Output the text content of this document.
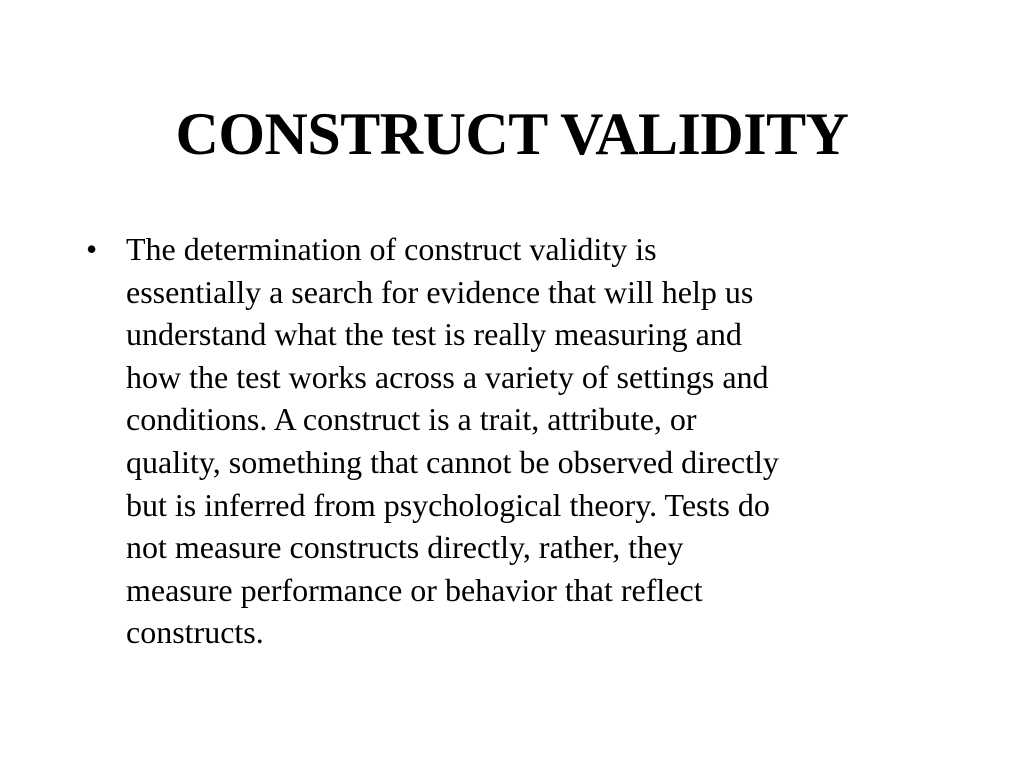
CONSTRUCT VALIDITY
• The determination of construct validity is
essentially a search for evidence that will help us
understand what the test is really measuring and
how the test works across a variety of settings and
conditions. A construct is a trait, attribute, or
quality, something that cannot be observed directly
but is inferred from psychological theory. Tests do
not measure constructs directly, rather, they
measure performance or behavior that reflect
constructs.
